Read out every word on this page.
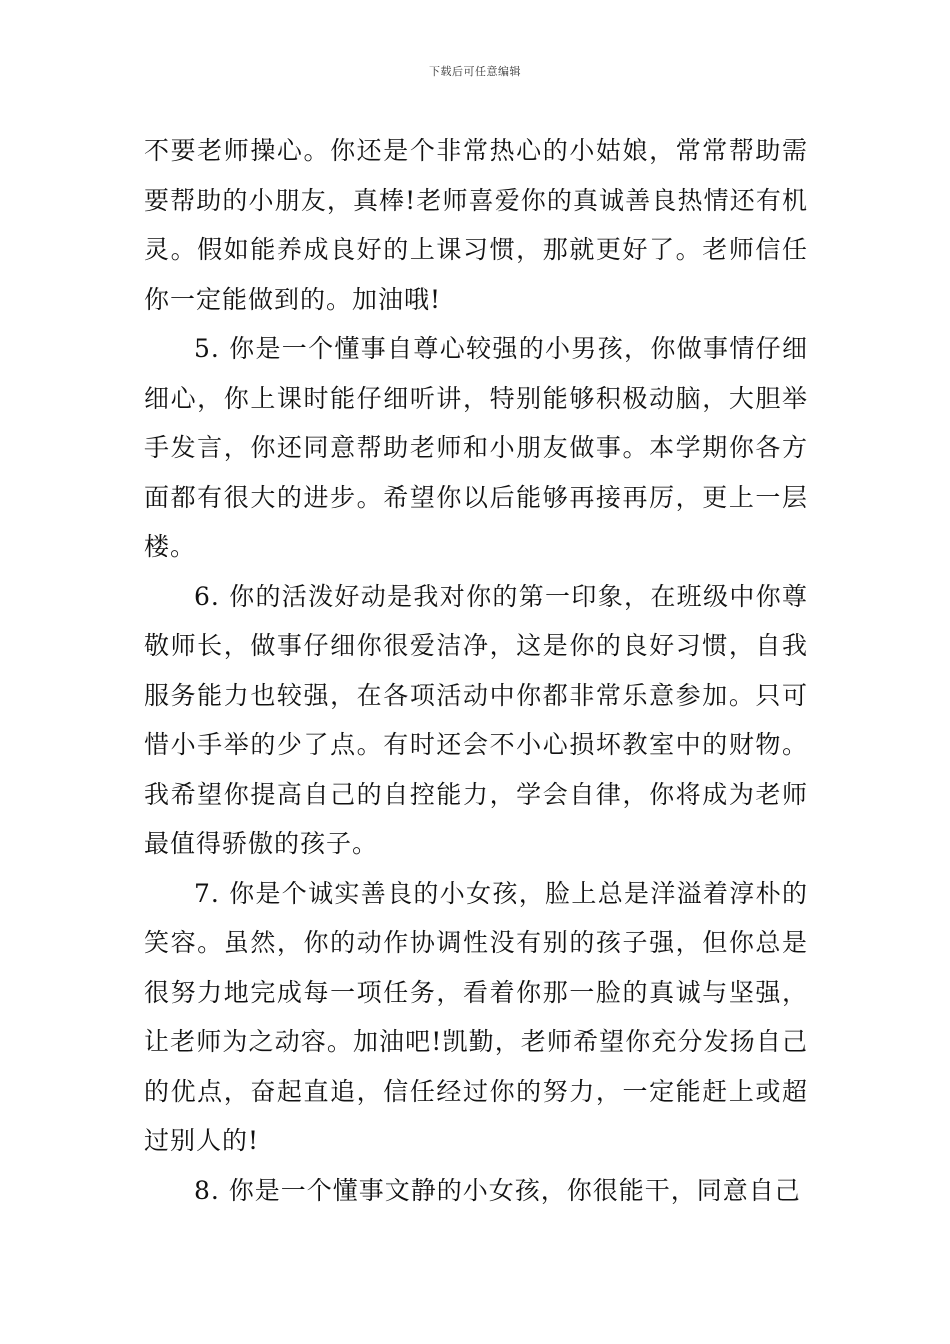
下载后可任意编辑

不要老师操心。你还是个非常热心的小姑娘，常常帮助需要帮助的小朋友，真棒!老师喜爱你的真诚善良热情还有机灵。假如能养成良好的上课习惯，那就更好了。老师信任你一定能做到的。加油哦!

5. 你是一个懂事自尊心较强的小男孩，你做事情仔细细心，你上课时能仔细听讲，特别能够积极动脑，大胆举手发言，你还同意帮助老师和小朋友做事。本学期你各方面都有很大的进步。希望你以后能够再接再厉，更上一层楼。

6. 你的活泼好动是我对你的第一印象，在班级中你尊敬师长，做事仔细你很爱洁净，这是你的良好习惯，自我服务能力也较强，在各项活动中你都非常乐意参加。只可惜小手举的少了点。有时还会不小心损坏教室中的财物。我希望你提高自己的自控能力，学会自律，你将成为老师最值得骄傲的孩子。

7. 你是个诚实善良的小女孩，脸上总是洋溢着淳朴的笑容。虽然，你的动作协调性没有别的孩子强，但你总是很努力地完成每一项任务，看着你那一脸的真诚与坚强，让老师为之动容。加油吧!凯勤，老师希望你充分发扬自己的优点，奋起直追，信任经过你的努力，一定能赶上或超过别人的!

8. 你是一个懂事文静的小女孩，你很能干，同意自己
